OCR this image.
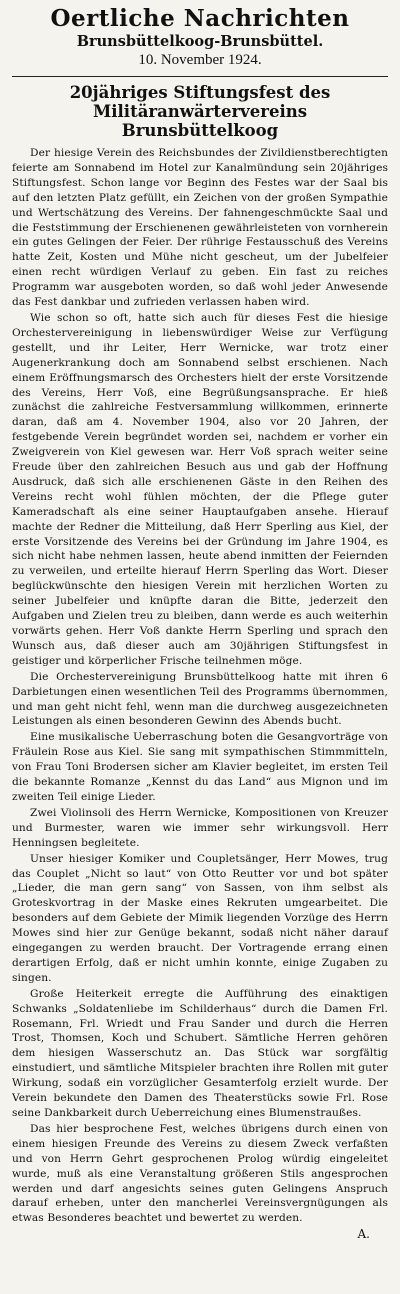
Oertliche Nachrichten
Brunsbüttelkoog-Brunsbüttel.
10. November 1924.
20jähriges Stiftungsfest des
Militäranwärtervereins Brunsbüttelkoog

Der hiesige Verein des Reichsbundes der Zivildienstberechtigten feierte am Sonnabend im Hotel zur Kanalmündung sein 20jähriges Stiftungsfest. Schon lange vor Beginn des Festes war der Saal bis auf den letzten Platz gefüllt, ein Zeichen von der großen Sympathie und Wertschätzung des Vereins. Der fahnengeschmückte Saal und die Feststimmung der Erschienenen gewährleisteten von vornherein ein gutes Gelingen der Feier. Der rührige Festausschuß des Vereins hatte Zeit, Kosten und Mühe nicht gescheut, um der Jubelfeier einen recht würdigen Verlauf zu geben. Ein fast zu reiches Programm war ausgeboten worden, so daß wohl jeder Anwesende das Fest dankbar und zufrieden verlassen haben wird.

Wie schon so oft, hatte sich auch für dieses Fest die hiesige Orchestervereinigung in liebenswürdiger Weise zur Verfügung gestellt, und ihr Leiter, Herr Wernicke, war trotz einer Augenerkrankung doch am Sonnabend selbst erschienen. Nach einem Eröffnungsmarsch des Orchesters hielt der erste Vorsitzende des Vereins, Herr Voß, eine Begrüßungsansprache. Er hieß zunächst die zahlreiche Festversammlung willkommen, erinnerte daran, daß am 4. November 1904, also vor 20 Jahren, der festgebende Verein begründet worden sei, nachdem er vorher ein Zweigverein von Kiel gewesen war. Herr Voß sprach weiter seine Freude über den zahlreichen Besuch aus und gab der Hoffnung Ausdruck, daß sich alle erschienenen Gäste in den Reihen des Vereins recht wohl fühlen möchten, der die Pflege guter Kameradschaft als eine seiner Hauptaufgaben ansehe. Hierauf machte der Redner die Mitteilung, daß Herr Sperling aus Kiel, der erste Vorsitzende des Vereins bei der Gründung im Jahre 1904, es sich nicht habe nehmen lassen, heute abend inmitten der Feiernden zu verweilen, und erteilte hierauf Herrn Sperling das Wort. Dieser beglückwünschte den hiesigen Verein mit herzlichen Worten zu seiner Jubelfeier und knüpfte daran die Bitte, jederzeit den Aufgaben und Zielen treu zu bleiben, dann werde es auch weiterhin vorwärts gehen. Herr Voß dankte Herrn Sperling und sprach den Wunsch aus, daß dieser auch am 30jährigen Stiftungsfest in geistiger und körperlicher Frische teilnehmen möge.

Die Orchestervereinigung Brunsbüttelkoog hatte mit ihren 6 Darbietungen einen wesentlichen Teil des Programms übernommen, und man geht nicht fehl, wenn man die durchweg ausgezeichneten Leistungen als einen besonderen Gewinn des Abends bucht.

Eine musikalische Ueberraschung boten die Gesangvorträge von Fräulein Rose aus Kiel. Sie sang mit sympathischen Stimmmitteln, von Frau Toni Brodersen sicher am Klavier begleitet, im ersten Teil die bekannte Romanze „Kennst du das Land“ aus Mignon und im zweiten Teil einige Lieder.

Zwei Violinsoli des Herrn Wernicke, Kompositionen von Kreuzer und Burmester, waren wie immer sehr wirkungsvoll. Herr Henningsen begleitete.

Unser hiesiger Komiker und Coupletsänger, Herr Mowes, trug das Couplet „Nicht so laut“ von Otto Reutter vor und bot später „Lieder, die man gern sang“ von Sassen, von ihm selbst als Groteskvortrag in der Maske eines Rekruten umgearbeitet. Die besonders auf dem Gebiete der Mimik liegenden Vorzüge des Herrn Mowes sind hier zur Genüge bekannt, sodaß nicht näher darauf eingegangen zu werden braucht. Der Vortragende errang einen derartigen Erfolg, daß er nicht umhin konnte, einige Zugaben zu singen.

Große Heiterkeit erregte die Aufführung des einaktigen Schwanks „Soldatenliebe im Schilderhaus“ durch die Damen Frl. Rosemann, Frl. Wriedt und Frau Sander und durch die Herren Trost, Thomsen, Koch und Schubert. Sämtliche Herren gehören dem hiesigen Wasserschutz an. Das Stück war sorgfältig einstudiert, und sämtliche Mitspieler brachten ihre Rollen mit guter Wirkung, sodaß ein vorzüglicher Gesamterfolg erzielt wurde. Der Verein bekundete den Damen des Theaterstücks sowie Frl. Rose seine Dankbarkeit durch Ueberreichung eines Blumenstraußes.

Das hier besprochene Fest, welches übrigens durch einen von einem hiesigen Freunde des Vereins zu diesem Zweck verfaßten und von Herrn Gehrt gesprochenen Prolog würdig eingeleitet wurde, muß als eine Veranstaltung größeren Stils angesprochen werden und darf angesichts seines guten Gelingens Anspruch darauf erheben, unter den mancherlei Vereinsvergnügungen als etwas Besonderes beachtet und bewertet zu werden.

A.
